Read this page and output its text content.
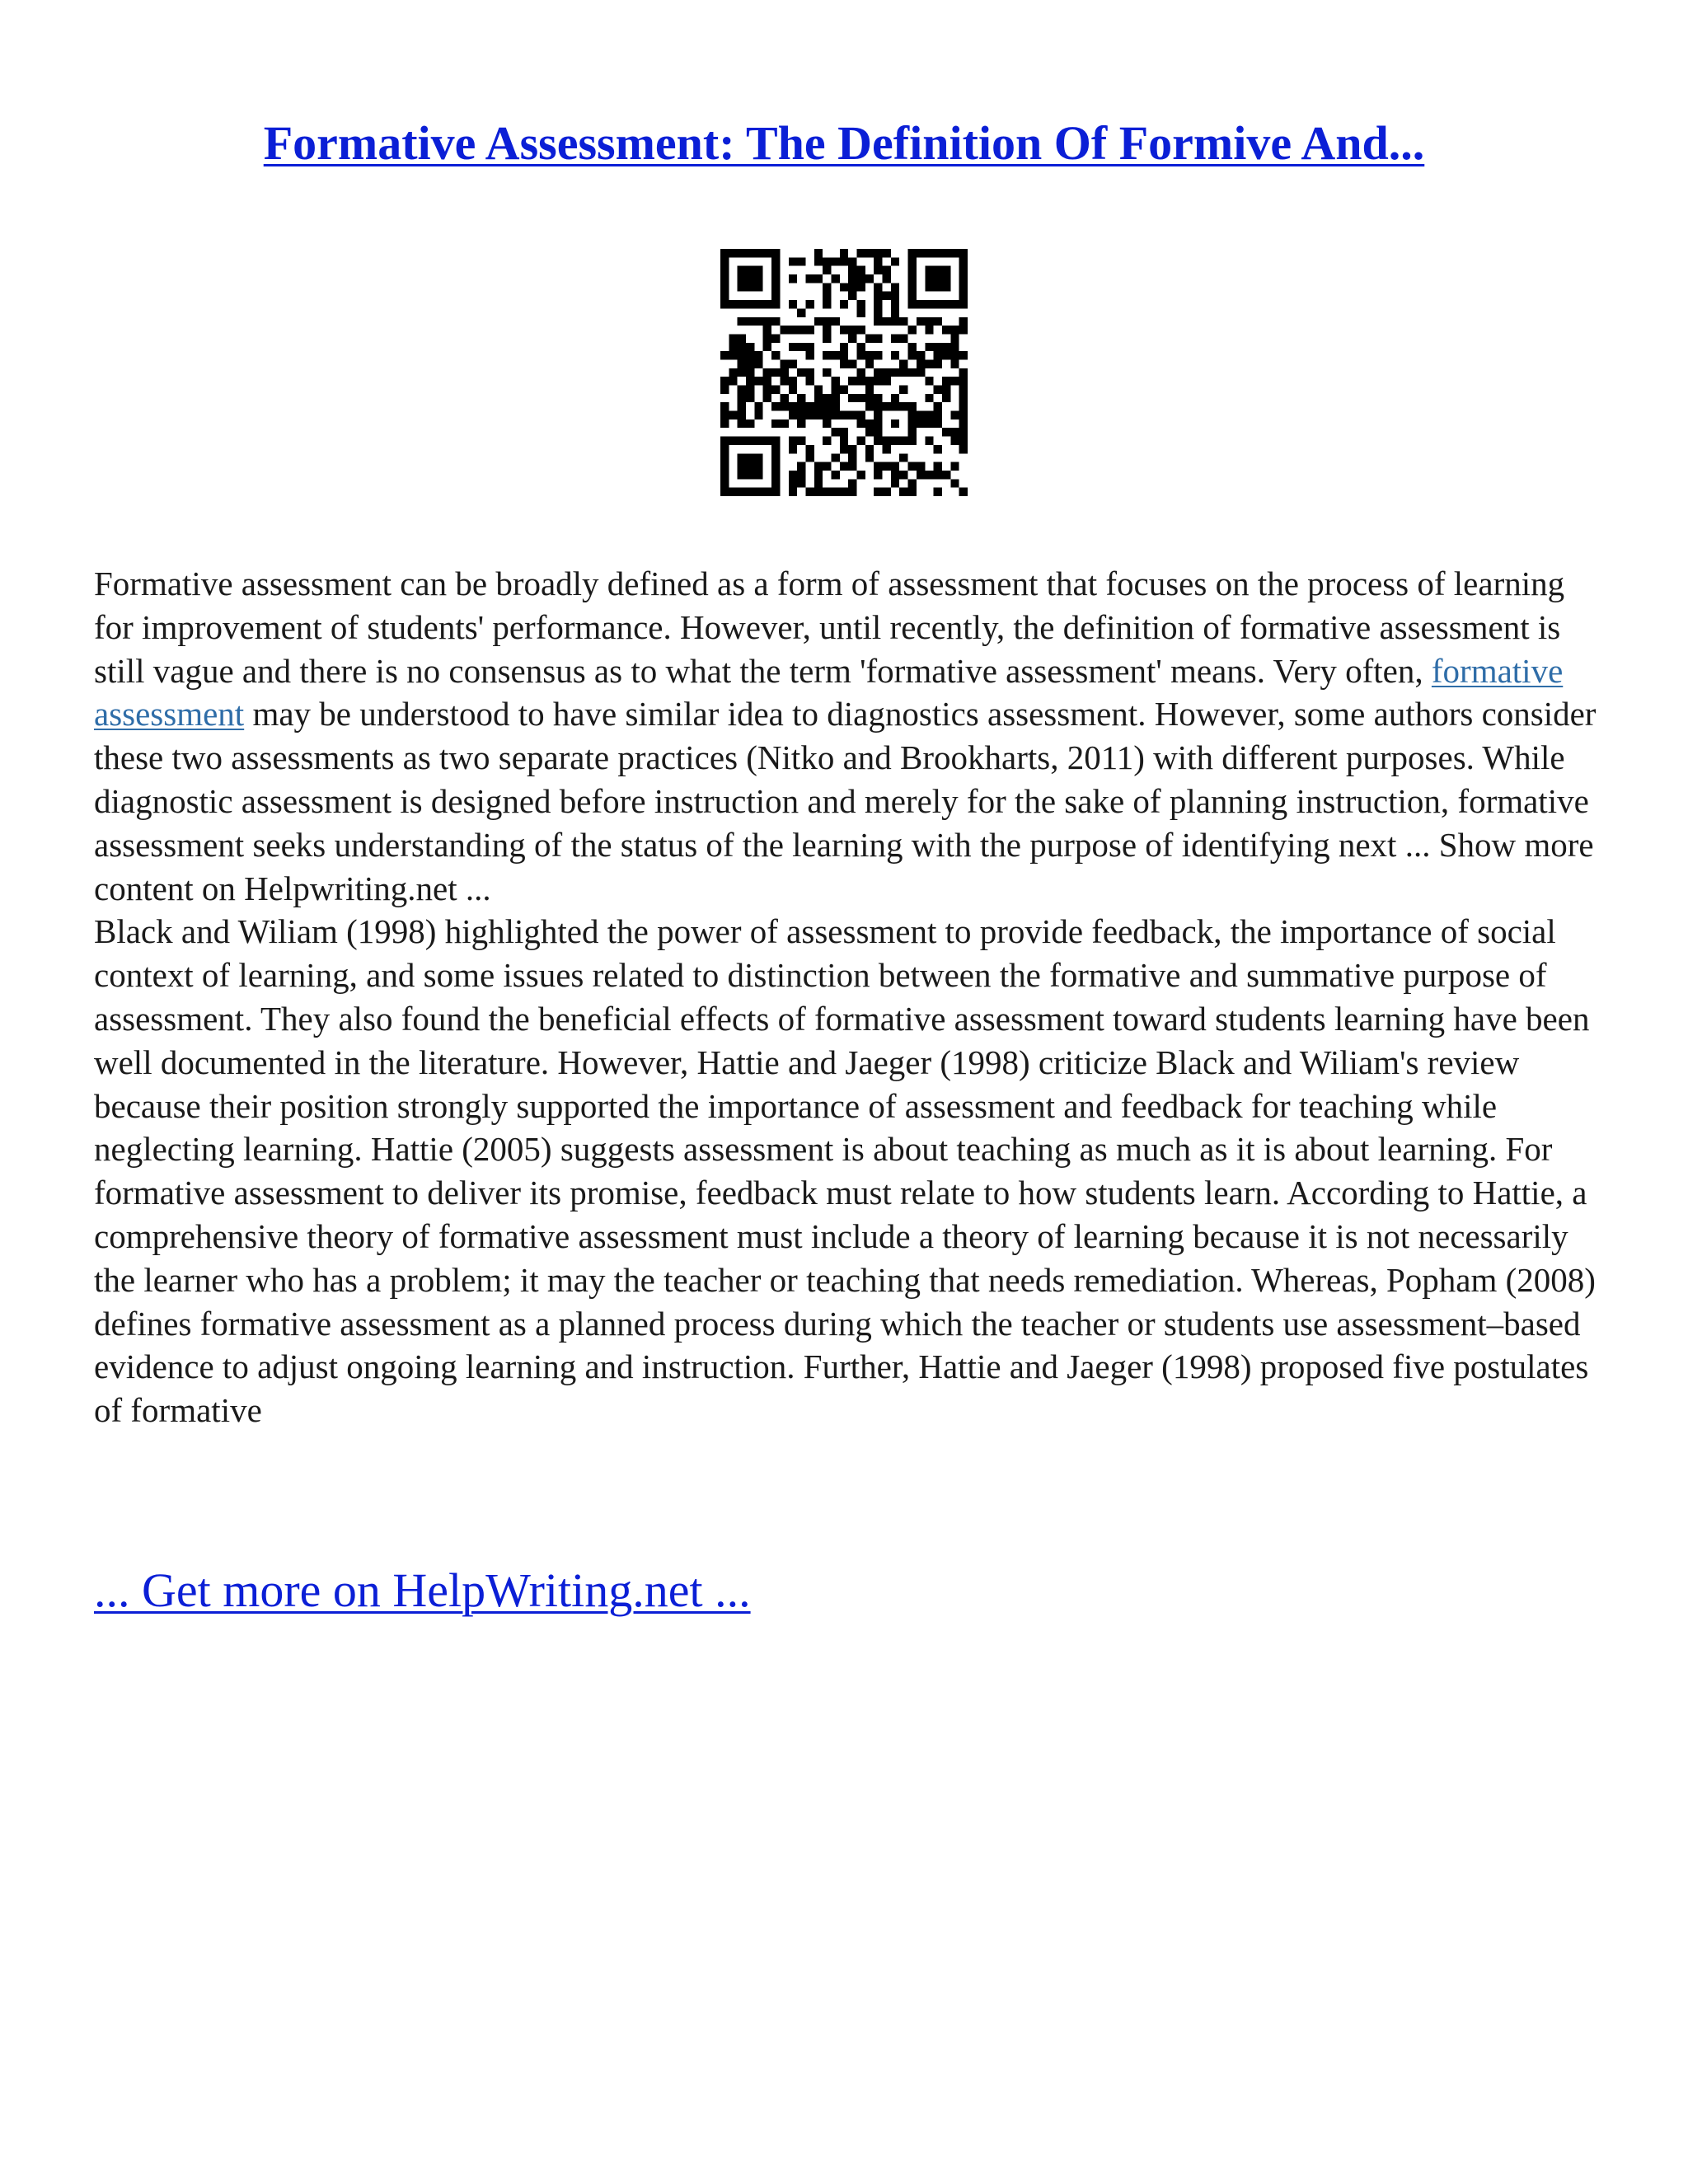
Formative Assessment: The Definition Of Formive And...

Formative assessment can be broadly defined as a form of assessment that focuses on the process of learning for improvement of students' performance. However, until recently, the definition of formative assessment is still vague and there is no consensus as to what the term 'formative assessment' means. Very often, formative assessment may be understood to have similar idea to diagnostics assessment. However, some authors consider these two assessments as two separate practices (Nitko and Brookharts, 2011) with different purposes. While diagnostic assessment is designed before instruction and merely for the sake of planning instruction, formative assessment seeks understanding of the status of the learning with the purpose of identifying next ... Show more content on Helpwriting.net ...

Black and Wiliam (1998) highlighted the power of assessment to provide feedback, the importance of social context of learning, and some issues related to distinction between the formative and summative purpose of assessment. They also found the beneficial effects of formative assessment toward students learning have been well documented in the literature. However, Hattie and Jaeger (1998) criticize Black and Wiliam's review because their position strongly supported the importance of assessment and feedback for teaching while neglecting learning. Hattie (2005) suggests assessment is about teaching as much as it is about learning. For formative assessment to deliver its promise, feedback must relate to how students learn. According to Hattie, a comprehensive theory of formative assessment must include a theory of learning because it is not necessarily the learner who has a problem; it may the teacher or teaching that needs remediation. Whereas, Popham (2008) defines formative assessment as a planned process during which the teacher or students use assessment–based evidence to adjust ongoing learning and instruction. Further, Hattie and Jaeger (1998) proposed five postulates of formative

... Get more on HelpWriting.net ...
